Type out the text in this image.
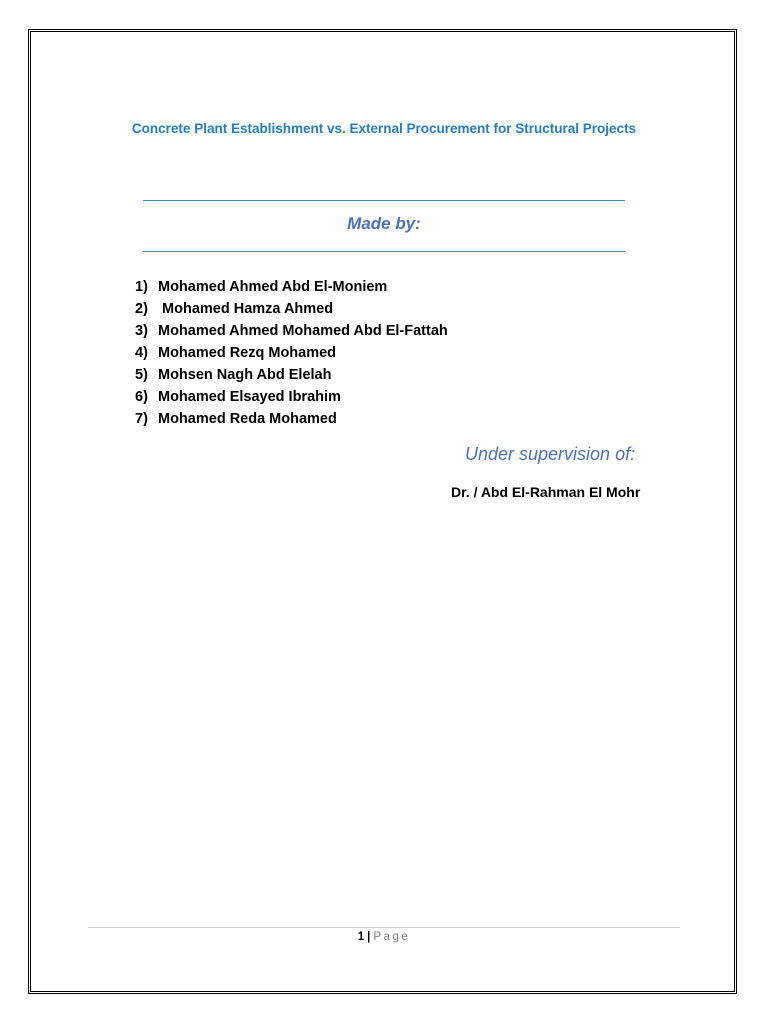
Concrete Plant Establishment vs. External Procurement for Structural Projects
Made by:
1) Mohamed Ahmed Abd El-Moniem
2) Mohamed Hamza Ahmed
3) Mohamed Ahmed Mohamed Abd El-Fattah
4) Mohamed Rezq Mohamed
5) Mohsen Nagh Abd Elelah
6) Mohamed Elsayed Ibrahim
7) Mohamed Reda Mohamed
Under supervision of:
Dr. / Abd El-Rahman El Mohr
1 | Page
